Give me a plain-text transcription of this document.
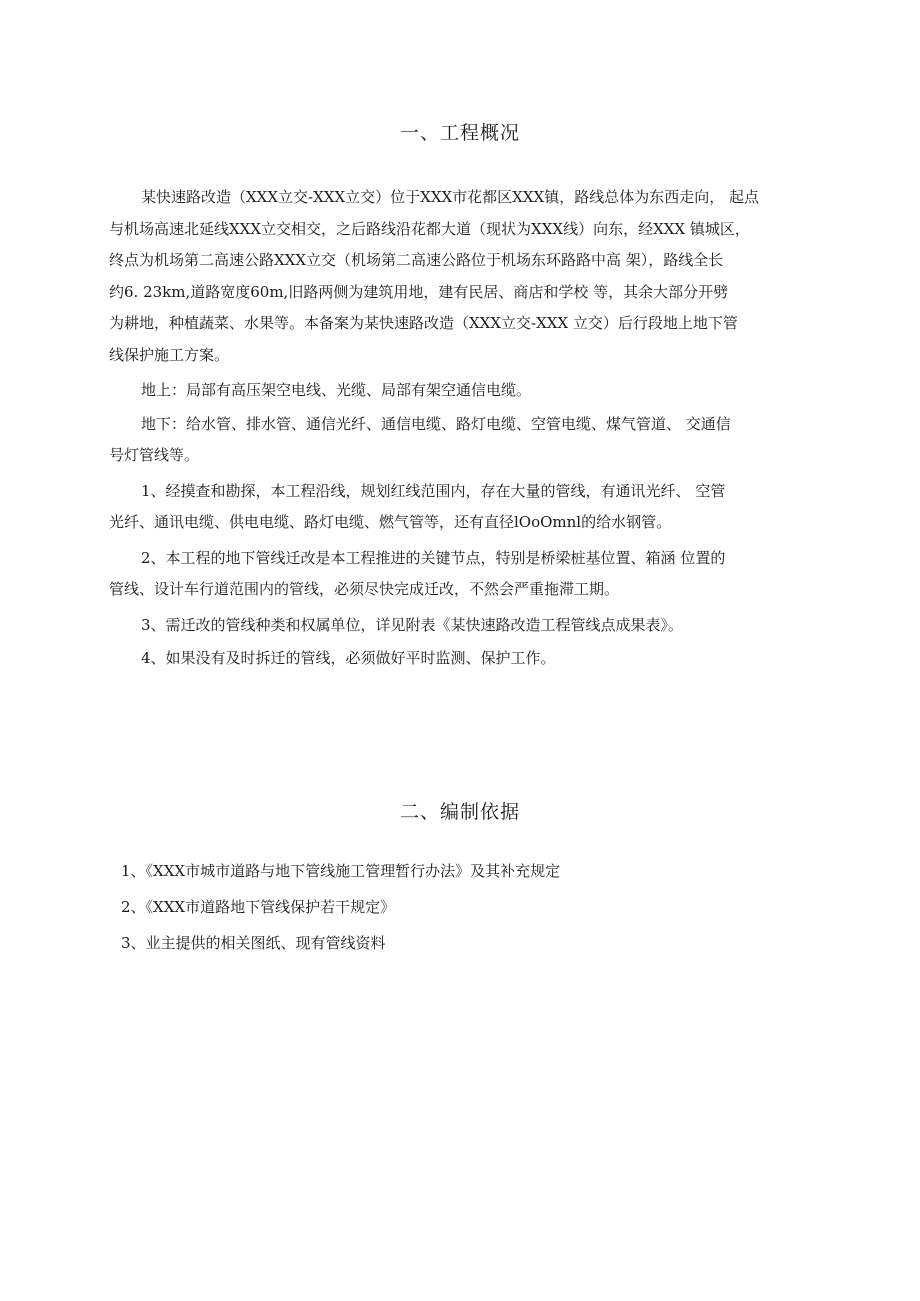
一、工程概况
某快速路改造（XXX立交-XXX立交）位于XXX市花都区XXX镇，路线总体为东西走向， 起点
与机场高速北延线XXX立交相交，之后路线沿花都大道（现状为XXX线）向东，经XXX 镇城区，
终点为机场第二高速公路XXX立交（机场第二高速公路位于机场东环路路中高 架），路线全长
约6. 23km,道路宽度60m,旧路两侧为建筑用地，建有民居、商店和学校 等，其余大部分开劈
为耕地，种植蔬菜、水果等。本备案为某快速路改造（XXX立交-XXX 立交）后行段地上地下管
线保护施工方案。
地上：局部有高压架空电线、光缆、局部有架空通信电缆。
地下：给水管、排水管、通信光纤、通信电缆、路灯电缆、空管电缆、煤气管道、 交通信
号灯管线等。
1、经摸查和勘探，本工程沿线，规划红线范围内，存在大量的管线，有通讯光纤、 空管
光纤、通讯电缆、供电电缆、路灯电缆、燃气管等，还有直径lOoOmnl的给水钢管。
2、本工程的地下管线迁改是本工程推进的关键节点，特别是桥梁桩基位置、箱涵 位置的
管线、设计车行道范围内的管线，必须尽快完成迁改，不然会严重拖滞工期。
3、需迁改的管线种类和权属单位，详见附表《某快速路改造工程管线点成果表》。
4、如果没有及时拆迁的管线，必须做好平时监测、保护工作。
二、编制依据
1、《XXX市城市道路与地下管线施工管理暂行办法》及其补充规定
2、《XXX市道路地下管线保护若干规定》
3、业主提供的相关图纸、现有管线资料
